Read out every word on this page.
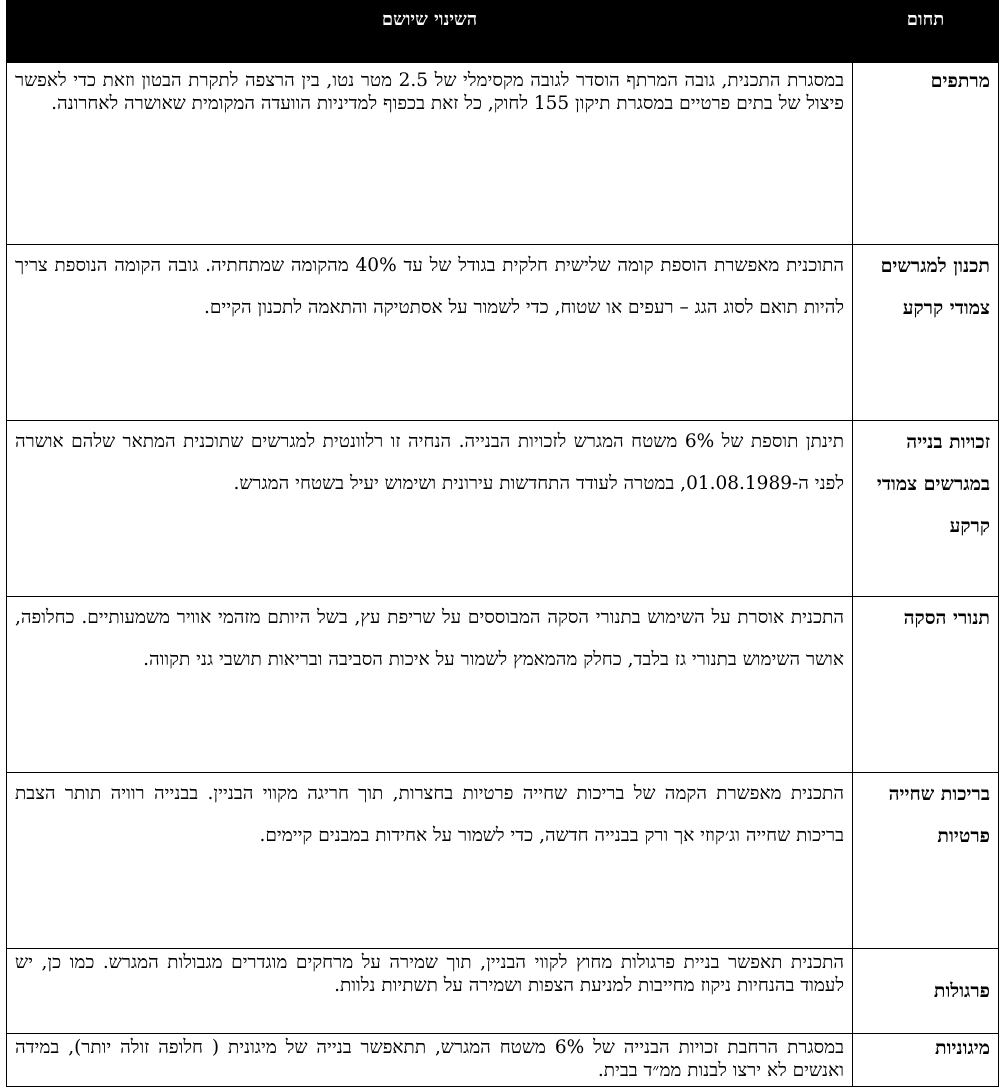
תחום	השינוי שיושם
מרתפים	במסגרת התכנית, גובה המרתף הוסדר לגובה מקסימלי של 2.5 מטר נטו, בין הרצפה לתקרת הבטון וזאת כדי לאפשר פיצול של בתים פרטיים במסגרת תיקון 155 לחוק, כל זאת בכפוף למדיניות הוועדה המקומית שאושרה לאחרונה.
תכנון למגרשים צמודי קרקע	התוכנית מאפשרת הוספת קומה שלישית חלקית בגודל של עד 40% מהקומה שמתחתיה. גובה הקומה הנוספת צריך להיות תואם לסוג הגג – רעפים או שטוח, כדי לשמור על אסתטיקה והתאמה לתכנון הקיים.
זכויות בנייה במגרשים צמודי קרקע	תינתן תוספת של 6% משטח המגרש לזכויות הבנייה. הנחיה זו רלוונטית למגרשים שתוכנית המתאר שלהם אושרה לפני ה-01.08.1989, במטרה לעודד התחדשות עירונית ושימוש יעיל בשטחי המגרש.
תנורי הסקה	התכנית אוסרת על השימוש בתנורי הסקה המבוססים על שריפת עץ, בשל היותם מזהמי אוויר משמעותיים. כחלופה, אושר השימוש בתנורי גז בלבד, כחלק מהמאמץ לשמור על איכות הסביבה ובריאות תושבי גני תקווה.
בריכות שחייה פרטיות	התכנית מאפשרת הקמה של בריכות שחייה פרטיות בחצרות, תוך חריגה מקווי הבניין. בבנייה רוויה תותר הצבת בריכות שחייה וג׳קוזי אך ורק בבנייה חדשה, כדי לשמור על אחידות במבנים קיימים.
פרגולות	התכנית תאפשר בניית פרגולות מחוץ לקווי הבניין, תוך שמירה על מרחקים מוגדרים מגבולות המגרש. כמו כן, יש לעמוד בהנחיות ניקוז מחייבות למניעת הצפות ושמירה על תשתיות נלוות.
מיגוניות	במסגרת הרחבת זכויות הבנייה של 6% משטח המגרש, תתאפשר בנייה של מיגונית ( חלופה זולה יותר), במידה ואנשים לא ירצו לבנות ממ״ד בבית.
